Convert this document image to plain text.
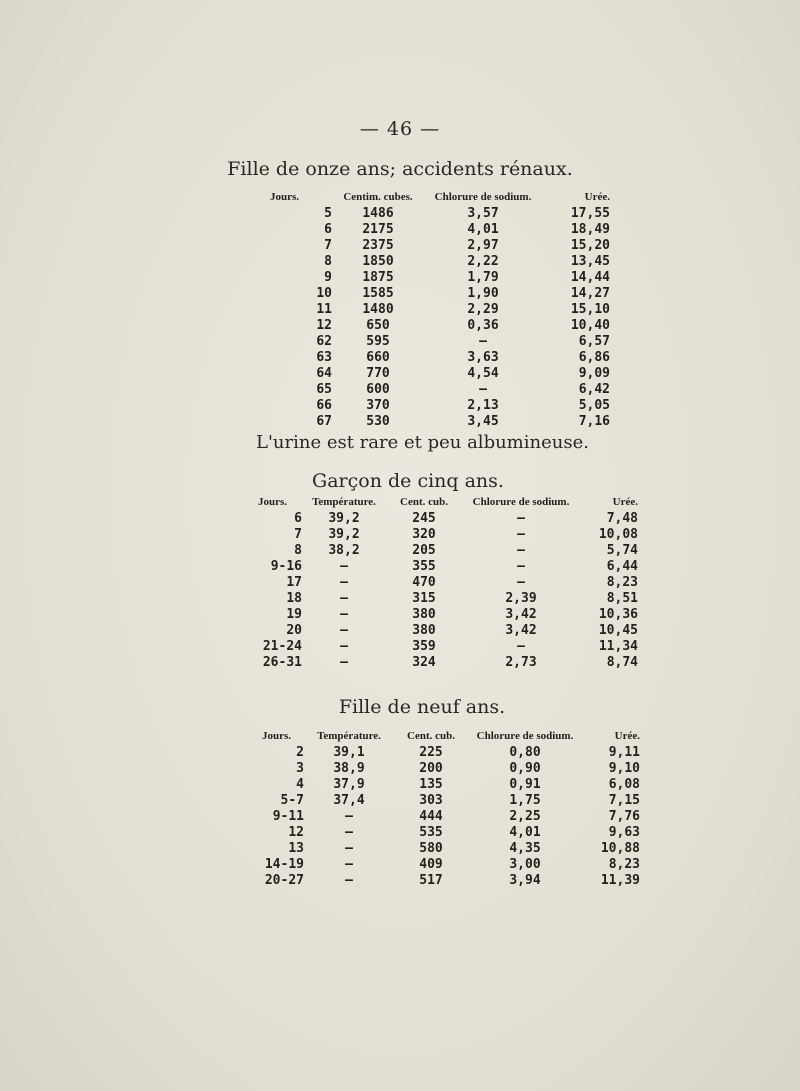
— 46 —
Fille de onze ans; accidents rénaux.
Jours.	Centim. cubes.	Chlorure de sodium.	Urée.
5	1486	3,57	17,55
6	2175	4,01	18,49
7	2375	2,97	15,20
8	1850	2,22	13,45
9	1875	1,79	14,44
10	1585	1,90	14,27
11	1480	2,29	15,10
12	650	0,36	10,40
62	595	—	6,57
63	660	3,63	6,86
64	770	4,54	9,09
65	600	—	6,42
66	370	2,13	5,05
67	530	3,45	7,16
L'urine est rare et peu albumineuse.
Garçon de cinq ans.
Jours.	Température.	Cent. cub.	Chlorure de sodium.	Urée.
6	39,2	245	—	7,48
7	39,2	320	—	10,08
8	38,2	205	—	5,74
9-16	—	355	—	6,44
17	—	470	—	8,23
18	—	315	2,39	8,51
19	—	380	3,42	10,36
20	—	380	3,42	10,45
21-24	—	359	—	11,34
26-31	—	324	2,73	8,74
Fille de neuf ans.
Jours.	Température.	Cent. cub.	Chlorure de sodium.	Urée.
2	39,1	225	0,80	9,11
3	38,9	200	0,90	9,10
4	37,9	135	0,91	6,08
5-7	37,4	303	1,75	7,15
9-11	—	444	2,25	7,76
12	—	535	4,01	9,63
13	—	580	4,35	10,88
14-19	—	409	3,00	8,23
20-27	—	517	3,94	11,39
